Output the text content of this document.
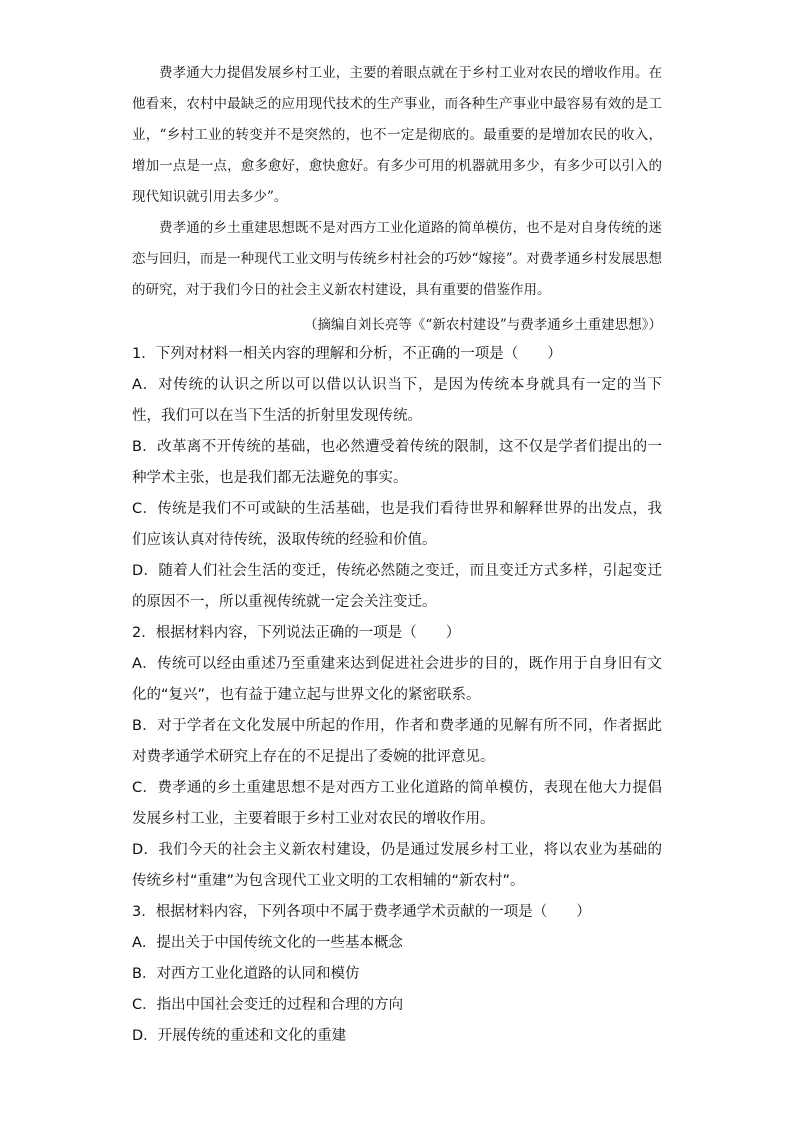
费孝通大力提倡发展乡村工业，主要的着眼点就在于乡村工业对农民的增收作用。在他看来，农村中最缺乏的应用现代技术的生产事业，而各种生产事业中最容易有效的是工业，“乡村工业的转变并不是突然的，也不一定是彻底的。最重要的是增加农民的收入，增加一点是一点，愈多愈好，愈快愈好。有多少可用的机器就用多少，有多少可以引入的现代知识就引用去多少”。

费孝通的乡土重建思想既不是对西方工业化道路的简单模仿，也不是对自身传统的迷恋与回归，而是一种现代工业文明与传统乡村社会的巧妙“嫁接”。对费孝通乡村发展思想的研究，对于我们今日的社会主义新农村建设，具有重要的借鉴作用。

（摘编自刘长亮等《“新农村建设”与费孝通乡土重建思想》）

1．下列对材料一相关内容的理解和分析，不正确的一项是（　　）

A．对传统的认识之所以可以借以认识当下，是因为传统本身就具有一定的当下性，我们可以在当下生活的折射里发现传统。

B．改革离不开传统的基础，也必然遭受着传统的限制，这不仅是学者们提出的一种学术主张，也是我们都无法避免的事实。

C．传统是我们不可或缺的生活基础，也是我们看待世界和解释世界的出发点，我们应该认真对待传统，汲取传统的经验和价值。

D．随着人们社会生活的变迁，传统必然随之变迁，而且变迁方式多样，引起变迁的原因不一，所以重视传统就一定会关注变迁。

2．根据材料内容，下列说法正确的一项是（　　）

A．传统可以经由重述乃至重建来达到促进社会进步的目的，既作用于自身旧有文化的“复兴”，也有益于建立起与世界文化的紧密联系。

B．对于学者在文化发展中所起的作用，作者和费孝通的见解有所不同，作者据此对费孝通学术研究上存在的不足提出了委婉的批评意见。

C．费孝通的乡土重建思想不是对西方工业化道路的简单模仿，表现在他大力提倡发展乡村工业，主要着眼于乡村工业对农民的增收作用。

D．我们今天的社会主义新农村建设，仍是通过发展乡村工业，将以农业为基础的传统乡村“重建”为包含现代工业文明的工农相辅的“新农村”。

3．根据材料内容，下列各项中不属于费孝通学术贡献的一项是（　　）

A．提出关于中国传统文化的一些基本概念

B．对西方工业化道路的认同和模仿

C．指出中国社会变迁的过程和合理的方向

D．开展传统的重述和文化的重建
